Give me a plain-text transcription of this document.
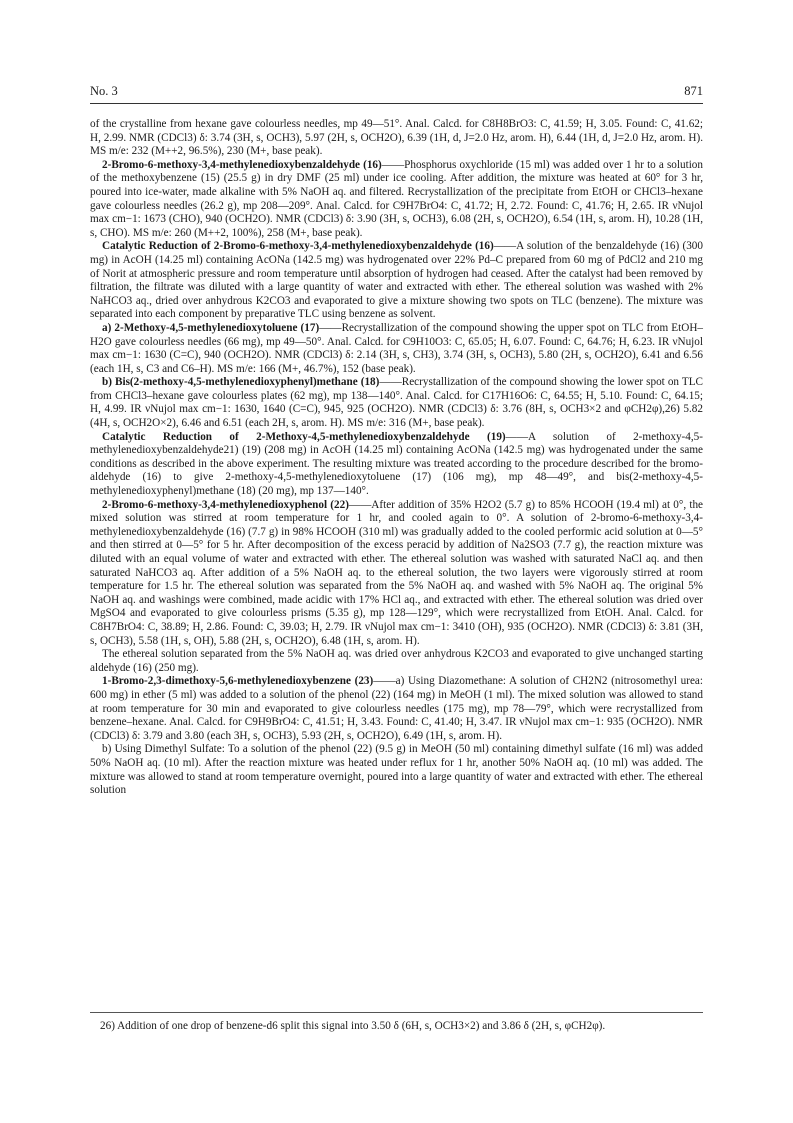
No. 3	871

of the crystalline from hexane gave colourless needles, mp 49—51°. Anal. Calcd. for C8H8BrO3: C, 41.59; H, 3.05. Found: C, 41.62; H, 2.99. NMR (CDCl3) δ: 3.74 (3H, s, OCH3), 5.97 (2H, s, OCH2O), 6.39 (1H, d, J=2.0 Hz, arom. H), 6.44 (1H, d, J=2.0 Hz, arom. H). MS m/e: 232 (M++2, 96.5%), 230 (M+, base peak).

2-Bromo-6-methoxy-3,4-methylenedioxybenzaldehyde (16)——Phosphorus oxychloride (15 ml) was added over 1 hr to a solution of the methoxybenzene (15) (25.5 g) in dry DMF (25 ml) under ice cooling. After addition, the mixture was heated at 60° for 3 hr, poured into ice-water, made alkaline with 5% NaOH aq. and filtered. Recrystallization of the precipitate from EtOH or CHCl3–hexane gave colourless needles (26.2 g), mp 208—209°. Anal. Calcd. for C9H7BrO4: C, 41.72; H, 2.72. Found: C, 41.76; H, 2.65. IR νNujol max cm−1: 1673 (CHO), 940 (OCH2O). NMR (CDCl3) δ: 3.90 (3H, s, OCH3), 6.08 (2H, s, OCH2O), 6.54 (1H, s, arom. H), 10.28 (1H, s, CHO). MS m/e: 260 (M++2, 100%), 258 (M+, base peak).

Catalytic Reduction of 2-Bromo-6-methoxy-3,4-methylenedioxybenzaldehyde (16)——A solution of the benzaldehyde (16) (300 mg) in AcOH (14.25 ml) containing AcONa (142.5 mg) was hydrogenated over 22% Pd–C prepared from 60 mg of PdCl2 and 210 mg of Norit at atmospheric pressure and room temperature until absorption of hydrogen had ceased. After the catalyst had been removed by filtration, the filtrate was diluted with a large quantity of water and extracted with ether. The ethereal solution was washed with 2% NaHCO3 aq., dried over anhydrous K2CO3 and evaporated to give a mixture showing two spots on TLC (benzene). The mixture was separated into each component by preparative TLC using benzene as solvent.

a) 2-Methoxy-4,5-methylenedioxytoluene (17)——Recrystallization of the compound showing the upper spot on TLC from EtOH–H2O gave colourless needles (66 mg), mp 49—50°. Anal. Calcd. for C9H10O3: C, 65.05; H, 6.07. Found: C, 64.76; H, 6.23. IR νNujol max cm−1: 1630 (C=C), 940 (OCH2O). NMR (CDCl3) δ: 2.14 (3H, s, CH3), 3.74 (3H, s, OCH3), 5.80 (2H, s, OCH2O), 6.41 and 6.56 (each 1H, s, C3 and C6–H). MS m/e: 166 (M+, 46.7%), 152 (base peak).

b) Bis(2-methoxy-4,5-methylenedioxyphenyl)methane (18)——Recrystallization of the compound showing the lower spot on TLC from CHCl3–hexane gave colourless plates (62 mg), mp 138—140°. Anal. Calcd. for C17H16O6: C, 64.55; H, 5.10. Found: C, 64.15; H, 4.99. IR νNujol max cm−1: 1630, 1640 (C=C), 945, 925 (OCH2O). NMR (CDCl3) δ: 3.76 (8H, s, OCH3×2 and φCH2φ),26) 5.82 (4H, s, OCH2O×2), 6.46 and 6.51 (each 2H, s, arom. H). MS m/e: 316 (M+, base peak).

Catalytic Reduction of 2-Methoxy-4,5-methylenedioxybenzaldehyde (19)——A solution of 2-methoxy-4,5-methylenedioxybenzaldehyde21) (19) (208 mg) in AcOH (14.25 ml) containing AcONa (142.5 mg) was hydrogenated under the same conditions as described in the above experiment. The resulting mixture was treated according to the procedure described for the bromo-aldehyde (16) to give 2-methoxy-4,5-methylenedioxytoluene (17) (106 mg), mp 48—49°, and bis(2-methoxy-4,5-methylenedioxyphenyl)methane (18) (20 mg), mp 137—140°.

2-Bromo-6-methoxy-3,4-methylenedioxyphenol (22)——After addition of 35% H2O2 (5.7 g) to 85% HCOOH (19.4 ml) at 0°, the mixed solution was stirred at room temperature for 1 hr, and cooled again to 0°. A solution of 2-bromo-6-methoxy-3,4-methylenedioxybenzaldehyde (16) (7.7 g) in 98% HCOOH (310 ml) was gradually added to the cooled performic acid solution at 0—5° and then stirred at 0—5° for 5 hr. After decomposition of the excess peracid by addition of Na2SO3 (7.7 g), the reaction mixture was diluted with an equal volume of water and extracted with ether. The ethereal solution was washed with saturated NaCl aq. and then saturated NaHCO3 aq. After addition of a 5% NaOH aq. to the ethereal solution, the two layers were vigorously stirred at room temperature for 1.5 hr. The ethereal solution was separated from the 5% NaOH aq. and washed with 5% NaOH aq. The original 5% NaOH aq. and washings were combined, made acidic with 17% HCl aq., and extracted with ether. The ethereal solution was dried over MgSO4 and evaporated to give colourless prisms (5.35 g), mp 128—129°, which were recrystallized from EtOH. Anal. Calcd. for C8H7BrO4: C, 38.89; H, 2.86. Found: C, 39.03; H, 2.79. IR νNujol max cm−1: 3410 (OH), 935 (OCH2O). NMR (CDCl3) δ: 3.81 (3H, s, OCH3), 5.58 (1H, s, OH), 5.88 (2H, s, OCH2O), 6.48 (1H, s, arom. H).

The ethereal solution separated from the 5% NaOH aq. was dried over anhydrous K2CO3 and evaporated to give unchanged starting aldehyde (16) (250 mg).

1-Bromo-2,3-dimethoxy-5,6-methylenedioxybenzene (23)——a) Using Diazomethane: A solution of CH2N2 (nitrosomethyl urea: 600 mg) in ether (5 ml) was added to a solution of the phenol (22) (164 mg) in MeOH (1 ml). The mixed solution was allowed to stand at room temperature for 30 min and evaporated to give colourless needles (175 mg), mp 78—79°, which were recrystallized from benzene–hexane. Anal. Calcd. for C9H9BrO4: C, 41.51; H, 3.43. Found: C, 41.40; H, 3.47. IR νNujol max cm−1: 935 (OCH2O). NMR (CDCl3) δ: 3.79 and 3.80 (each 3H, s, OCH3), 5.93 (2H, s, OCH2O), 6.49 (1H, s, arom. H).

b) Using Dimethyl Sulfate: To a solution of the phenol (22) (9.5 g) in MeOH (50 ml) containing dimethyl sulfate (16 ml) was added 50% NaOH aq. (10 ml). After the reaction mixture was heated under reflux for 1 hr, another 50% NaOH aq. (10 ml) was added. The mixture was allowed to stand at room temperature overnight, poured into a large quantity of water and extracted with ether. The ethereal solution

26) Addition of one drop of benzene-d6 split this signal into 3.50 δ (6H, s, OCH3×2) and 3.86 δ (2H, s, φCH2φ).
